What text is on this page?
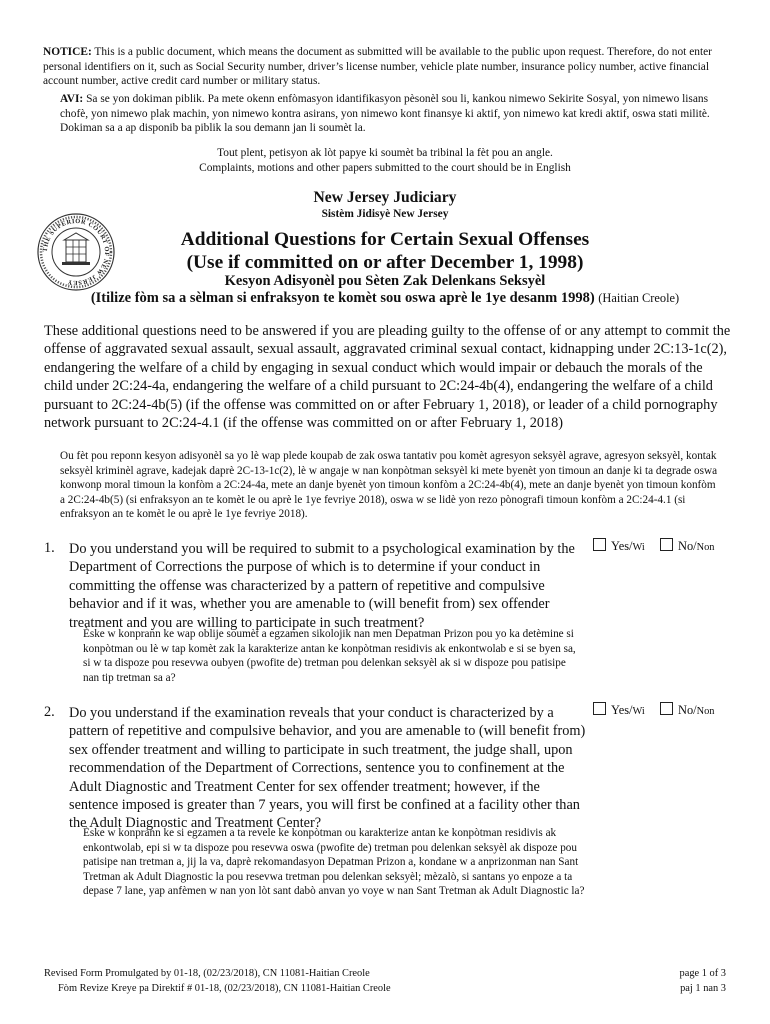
NOTICE: This is a public document, which means the document as submitted will be available to the public upon request. Therefore, do not enter personal identifiers on it, such as Social Security number, driver’s license number, vehicle plate number, insurance policy number, active financial account number, active credit card number or military status.
AVI: Sa se yon dokiman piblik. Pa mete okenn enfòmasyon idantifikasyon pèsonèl sou li, kankou nimewo Sekirite Sosyal, yon nimewo lisans chofè, yon nimewo plak machin, yon nimewo kontra asirans, yon nimewo kont finansye ki aktif, yon nimewo kat kredi aktif, oswa stati militè. Dokiman sa a ap disponib ba piblik la sou demann jan li soumèt la.
Tout plent, petisyon ak lòt papye ki soumèt ba tribinal la fèt pou an angle.
Complaints, motions and other papers submitted to the court should be in English
THE SUPERIOR COURT OF NEW JERSEY
New Jersey Judiciary
Sistèm Jidisyè New Jersey
Additional Questions for Certain Sexual Offenses
(Use if committed on or after December 1, 1998)
Kesyon Adisyonèl pou Sèten Zak Delenkans Seksyèl
(Itilize fòm sa a sèlman si enfraksyon te komèt sou oswa aprè le 1ye desanm 1998) (Haitian Creole)
These additional questions need to be answered if you are pleading guilty to the offense of or any attempt to commit the offense of aggravated sexual assault, sexual assault, aggravated criminal sexual contact, kidnapping under 2C:13-1c(2), endangering the welfare of a child by engaging in sexual conduct which would impair or debauch the morals of the child under 2C:24-4a, endangering the welfare of a child pursuant to 2C:24-4b(4), endangering the welfare of a child pursuant to 2C:24-4b(5) (if the offense was committed on or after February 1, 2018), or leader of a child pornography network pursuant to 2C:24-4.1 (if the offense was committed on or after February 1, 2018)
Ou fèt pou reponn kesyon adisyonèl sa yo lè wap plede koupab de zak oswa tantativ pou komèt agresyon seksyèl agrave, agresyon seksyèl, kontak seksyèl kriminèl agrave, kadejak daprè 2C-13-1c(2), lè w angaje w nan konpòtman seksyèl ki mete byenèt yon timoun an danje ki ta degrade oswa konwonp moral timoun la konfòm a 2C:24-4a, mete an danje byenèt yon timoun konfòm a 2C:24-4b(4), mete an danje byenèt yon timoun konfòm a 2C:24-4b(5) (si enfraksyon an te komèt le ou aprè le 1ye fevriye 2018), oswa w se lidè yon rezo pònografi timoun konfòm a 2C:24-4.1 (si enfraksyon an te komèt le ou aprè le 1ye fevriye 2018).
1. Do you understand you will be required to submit to a psychological examination by the Department of Corrections the purpose of which is to determine if your conduct in committing the offense was characterized by a pattern of repetitive and compulsive behavior and if it was, whether you are amenable to (will benefit from) sex offender treatment and you are willing to participate in such treatment?
Èske w konprann ke wap oblije soumèt a egzamen sikolojik nan men Depatman Prizon pou yo ka detèmine si konpòtman ou lè w tap komèt zak la karakterize antan ke konpòtman residivis ak enkontwolab e si se byen sa, si w ta dispoze pou resevwa oubyen (pwofite de) tretman pou delenkan seksyèl ak si w dispoze pou patisipe nan tip tretman sa a?
Yes/Wi	No/Non
2. Do you understand if the examination reveals that your conduct is characterized by a pattern of repetitive and compulsive behavior, and you are amenable to (will benefit from) sex offender treatment and willing to participate in such treatment, the judge shall, upon recommendation of the Department of Corrections, sentence you to confinement at the Adult Diagnostic and Treatment Center for sex offender treatment; however, if the sentence imposed is greater than 7 years, you will first be confined at a facility other than the Adult Diagnostic and Treatment Center?
Èske w konprann ke si egzamen a ta revele ke konpòtman ou karakterize antan ke konpòtman residivis ak enkontwolab, epi si w ta dispoze pou resevwa oswa (pwofite de) tretman pou delenkan seksyèl ak dispoze pou patisipe nan tretman a, jij la va, daprè rekomandasyon Depatman Prizon a, kondane w a anprizonman nan Sant Tretman ak Adult Diagnostic la pou resevwa tretman pou delenkan seksyèl; mèzalò, si santans yo enpoze a ta depase 7 lane, yap anfèmen w nan yon lòt sant dabò anvan yo voye w nan Sant Tretman ak Adult Diagnostic la?
Yes/Wi	No/Non
Revised Form Promulgated by 01-18, (02/23/2018), CN 11081-Haitian Creole
Fòm Revize Kreye pa Direktif # 01-18, (02/23/2018), CN 11081-Haitian Creole
page 1 of 3
paj 1 nan 3
